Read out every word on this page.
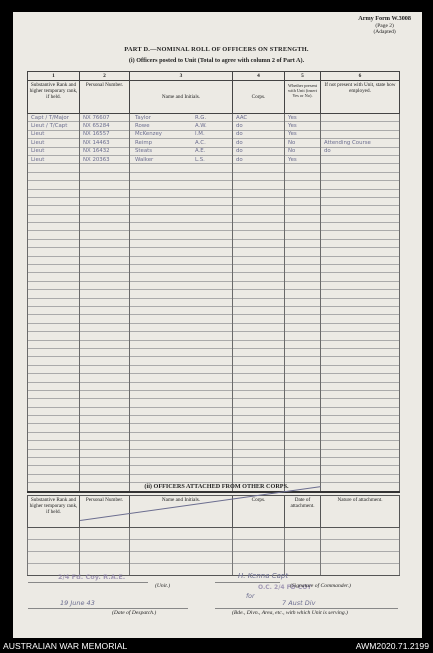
Army Form W.3008
(Page 2)
(Adapted)
PART D.—NOMINAL ROLL OF OFFICERS ON STRENGTH.
(i) Officers posted to Unit (Total to agree with column 2 of Part A).
1	2	3	4	5	6
Substantive Rank and higher temporary rank, if held.	Personal Number.	Name and Initials.	Corps.	Whether present with Unit (insert Yes or No).	If not present with Unit, state how employed.
Capt / T/Major	NX 76607	Taylor R.G.	AAC	Yes	
Lieut / T/Capt	NX 65284	Rowe A.W.	do	Yes	
Lieut	NX 16557	McKenzey I.M.	do	Yes	
Lieut	NX 14463	Reimp A.C.	do	No	Attending Course
Lieut	NX 16432	Steats A.E.	do	No	do
Lieut	NX 20363	Walker L.S.	do	Yes	

(ii) OFFICERS ATTACHED FROM OTHER CORPS.
Substantive Rank and higher temporary rank, if held.	Personal Number.	Name and Initials.	Corps.	Date of attachment.	Nature of attachment.

2/4 Fd. Coy. R.A.E.
(Unit.)
H. Kenna Capt
O.C. 2/4 FD COY
(Signature of Commander.)
19 June 43
(Date of Despatch.)
for
7 Aust Div
(Bde., Divn., Area, etc., with which Unit is serving.)
AUSTRALIAN WAR MEMORIAL	AWM2020.71.2199
